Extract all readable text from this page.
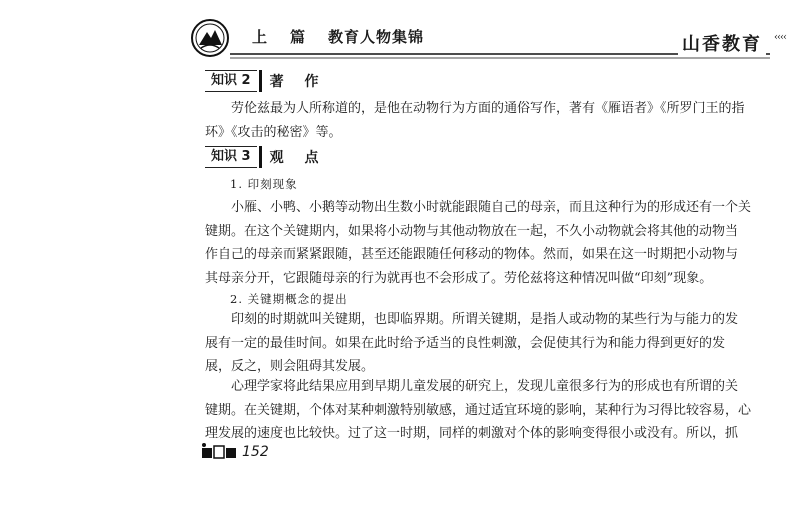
上 篇 教育人物集锦	山香教育	‹‹‹‹
知识 2	著 作
劳伦兹最为人所称道的，是他在动物行为方面的通俗写作，著有《雁语者》《所罗门王的指
环》《攻击的秘密》等。
知识 3	观 点
1. 印刻现象
小雁、小鸭、小鹅等动物出生数小时就能跟随自己的母亲，而且这种行为的形成还有一个关
键期。在这个关键期内，如果将小动物与其他动物放在一起，不久小动物就会将其他的动物当
作自己的母亲而紧紧跟随，甚至还能跟随任何移动的物体。然而，如果在这一时期把小动物与
其母亲分开，它跟随母亲的行为就再也不会形成了。劳伦兹将这种情况叫做“印刻”现象。
2. 关键期概念的提出
印刻的时期就叫关键期，也即临界期。所谓关键期，是指人或动物的某些行为与能力的发
展有一定的最佳时间。如果在此时给予适当的良性刺激，会促使其行为和能力得到更好的发
展，反之，则会阻碍其发展。
心理学家将此结果应用到早期儿童发展的研究上，发现儿童很多行为的形成也有所谓的关
键期。在关键期，个体对某种刺激特别敏感，通过适宜环境的影响，某种行为习得比较容易，心
理发展的速度也比较快。过了这一时期，同样的刺激对个体的影响变得很小或没有。所以，抓
152
